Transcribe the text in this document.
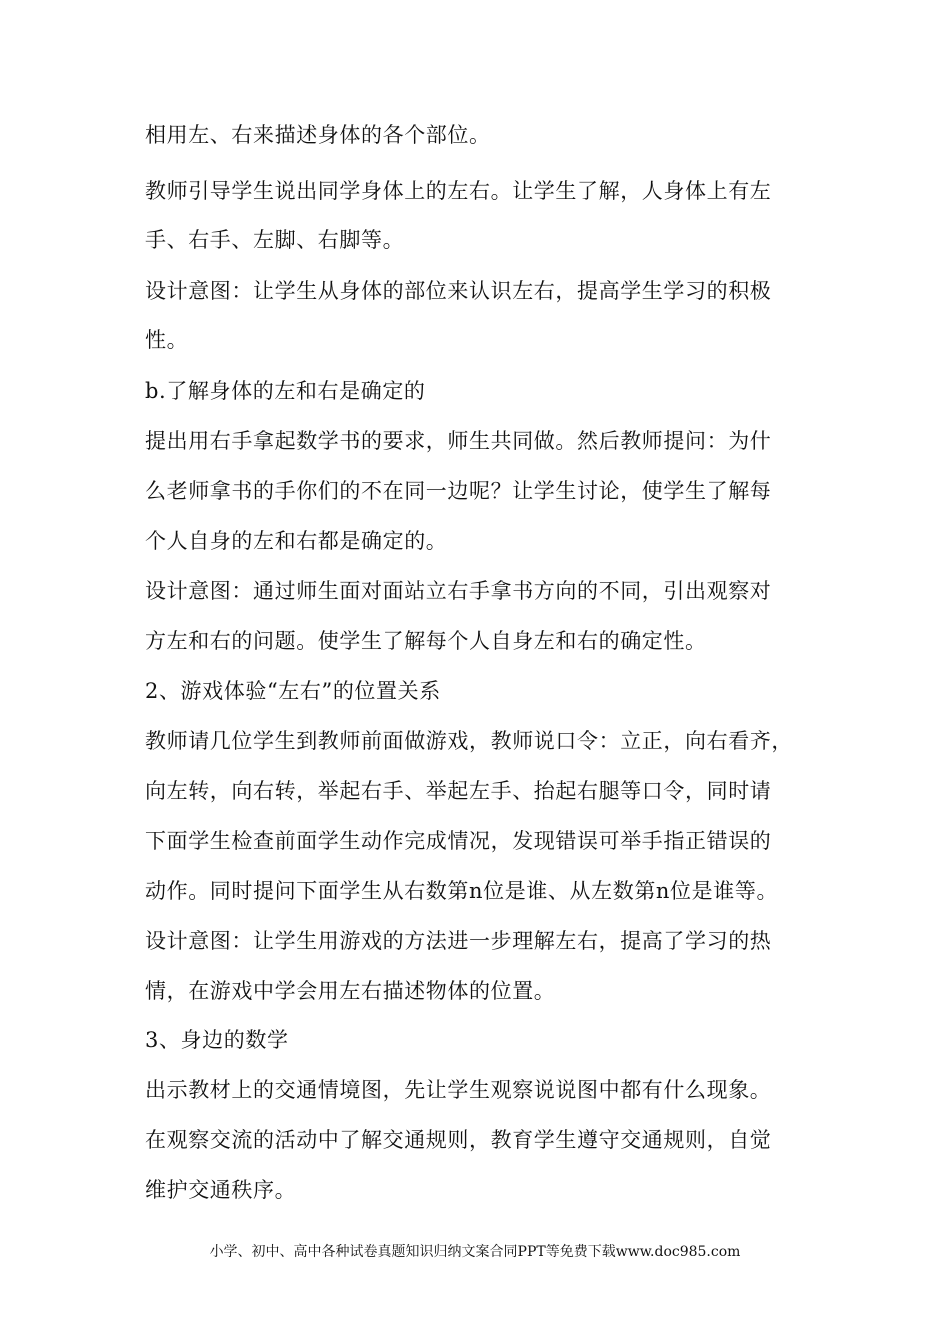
相用左、右来描述身体的各个部位。
教师引导学生说出同学身体上的左右。让学生了解，人身体上有左
手、右手、左脚、右脚等。
设计意图：让学生从身体的部位来认识左右，提高学生学习的积极
性。
b.了解身体的左和右是确定的
提出用右手拿起数学书的要求，师生共同做。然后教师提问：为什
么老师拿书的手你们的不在同一边呢？让学生讨论，使学生了解每
个人自身的左和右都是确定的。
设计意图：通过师生面对面站立右手拿书方向的不同，引出观察对
方左和右的问题。使学生了解每个人自身左和右的确定性。
2、游戏体验“左右”的位置关系
教师请几位学生到教师前面做游戏，教师说口令：立正，向右看齐，
向左转，向右转，举起右手、举起左手、抬起右腿等口令，同时请
下面学生检查前面学生动作完成情况，发现错误可举手指正错误的
动作。同时提问下面学生从右数第n位是谁、从左数第n位是谁等。
设计意图：让学生用游戏的方法进一步理解左右，提高了学习的热
情，在游戏中学会用左右描述物体的位置。
3、身边的数学
出示教材上的交通情境图，先让学生观察说说图中都有什么现象。
在观察交流的活动中了解交通规则，教育学生遵守交通规则，自觉
维护交通秩序。
小学、初中、高中各种试卷真题知识归纳文案合同PPT等免费下载www.doc985.com
